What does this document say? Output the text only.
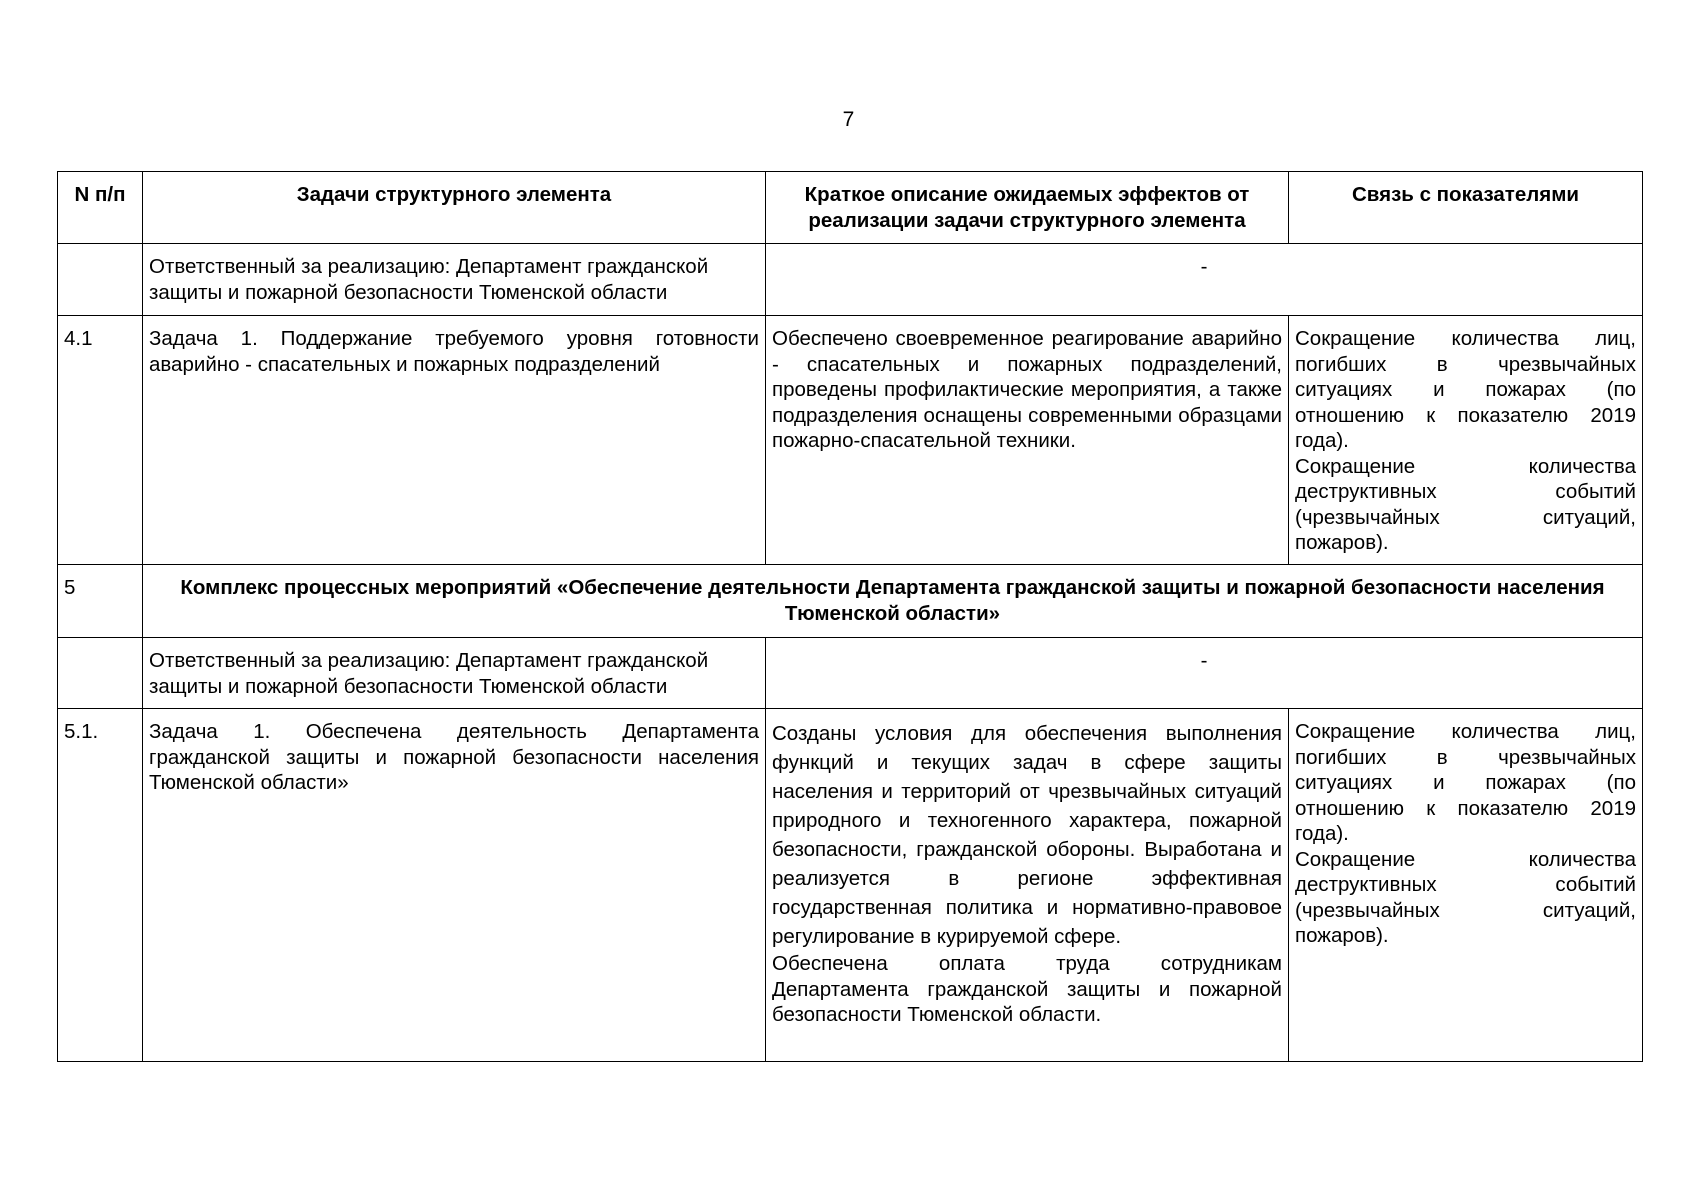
7
N п/п	Задачи структурного элемента	Краткое описание ожидаемых эффектов от реализации задачи структурного элемента	Связь с показателями
	Ответственный за реализацию: Департамент гражданской защиты и пожарной безопасности Тюменской области	-	
4.1	Задача 1. Поддержание требуемого уровня готовности аварийно - спасательных и пожарных подразделений	Обеспечено своевременное реагирование аварийно - спасательных и пожарных подразделений, проведены профилактические мероприятия, а также подразделения оснащены современными образцами пожарно-спасательной техники.	Сокращение количества лиц, погибших в чрезвычайных ситуациях и пожарах (по отношению к показателю 2019 года).
Сокращение количества деструктивных событий (чрезвычайных ситуаций, пожаров).

5	Комплекс процессных мероприятий «Обеспечение деятельности Департамента гражданской защиты и пожарной безопасности населения Тюменской области»		
	Ответственный за реализацию: Департамент гражданской защиты и пожарной безопасности Тюменской области	-	
5.1.	Задача 1. Обеспечена деятельность Департамента гражданской защиты и пожарной безопасности населения Тюменской области»	Созданы условия для обеспечения выполнения функций и текущих задач в сфере защиты населения и территорий от чрезвычайных ситуаций природного и техногенного характера, пожарной безопасности, гражданской обороны. Выработана и реализуется в регионе эффективная государственная политика и нормативно-правовое регулирование в курируемой сфере.
Обеспечена оплата труда сотрудникам Департамента гражданской защиты и пожарной безопасности Тюменской области.	Сокращение количества лиц, погибших в чрезвычайных ситуациях и пожарах (по отношению к показателю 2019 года).
Сокращение количества деструктивных событий (чрезвычайных ситуаций, пожаров).
